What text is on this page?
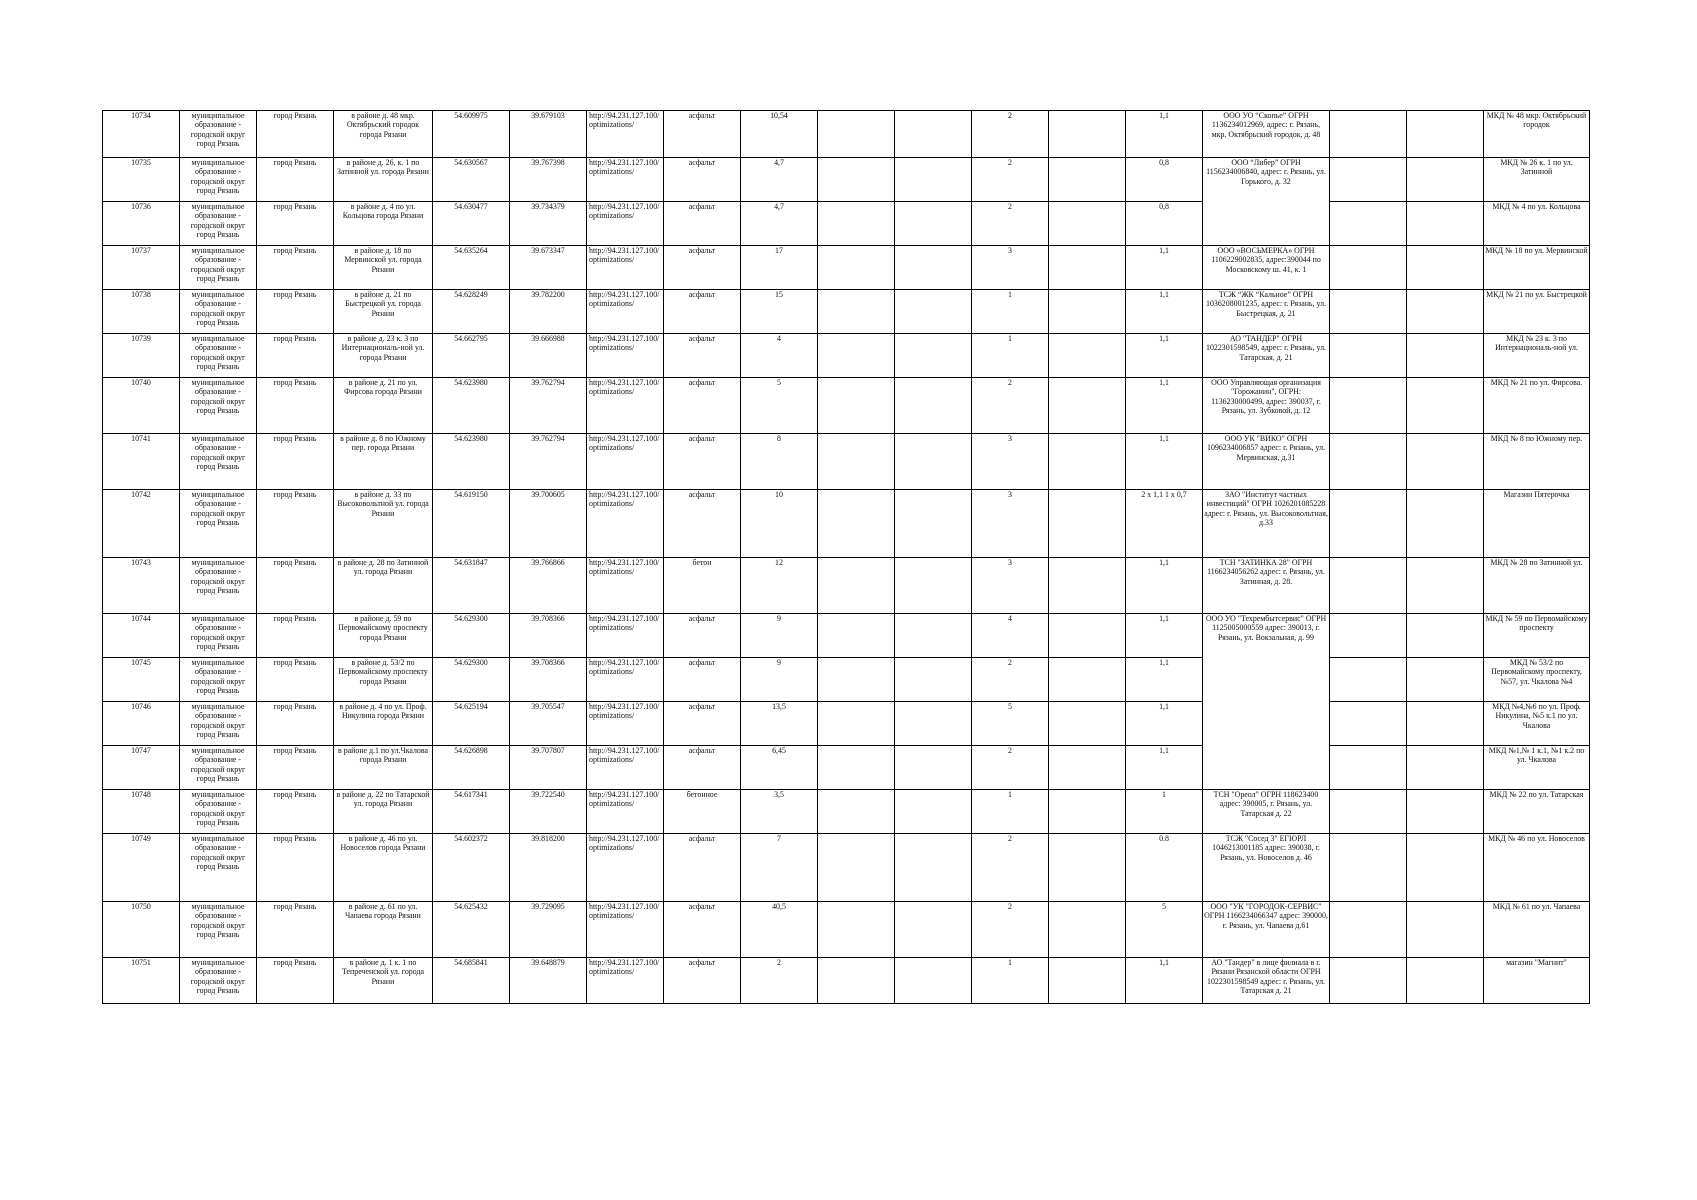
10734	муниципальное образование - городской округ город Рязань	город Рязань	в районе д. 48 мкр. Октябрьский городок города Рязани	54.609975	39.679103	http://94.231.127.100/optimizations/	асфальт	10,54			2		1,1	ООО УО “Скопье” ОГРН 1136234012969, адрес: г. Рязань, мкр. Октябрьский городок, д. 48			МКД № 48 мкр. Октябрьский городок
10735	муниципальное образование - городской округ город Рязань	город Рязань	в районе д. 26, к. 1 по Затинной ул. города Рязани	54.630567	39.767398	http://94.231.127.100/optimizations/	асфальт	4,7			2		0,8	ООО “Либер” ОГРН 1156234006840, адрес: г. Рязань, ул. Горького, д. 32			МКД № 26 к. 1 по ул. Затинной
10736	муниципальное образование - городской округ город Рязань	город Рязань	в районе д. 4 по ул. Кольцова города Рязани	54.630477	39.734379	http://94.231.127.100/optimizations/	асфальт	4,7			2		0,8				МКД № 4 по ул. Кольцова
10737	муниципальное образование - городской округ город Рязань	город Рязань	в районе д. 18 по Мервинской ул. города Рязани	54.635264	39.673347	http://94.231.127.100/optimizations/	асфальт	17			3		1,1	ООО «ВОСЬМЕРКА» ОГРН 1106229002835, адрес:390044 по Московскому ш. 41, к. 1			МКД № 18 по ул. Мервинской
10738	муниципальное образование - городской округ город Рязань	город Рязань	в районе д. 21 по Быстрецкой ул. города Рязани	54.628249	39.782200	http://94.231.127.100/optimizations/	асфальт	15			1		1,1	ТСЖ “ЖК “Кальное” ОГРН 1036208001235, адрес: г. Рязань, ул. Быстрецкая, д. 21			МКД № 21 по ул. Быстрецкой
10739	муниципальное образование - городской округ город Рязань	город Рязань	в районе д. 23 к. 3 по Интернациональ-ной ул. города Рязани	54.662795	39.666988	http://94.231.127.100/optimizations/	асфальт	4			1		1,1	АО "ТАНДЕР" ОГРН 1022301598549, адрес: г. Рязань, ул. Татарская, д. 21			МКД № 23 к. 3 по Интернациональ-ной ул.
10740	муниципальное образование - городской округ город Рязань	город Рязань	в районе д. 21 по ул. Фирсова города Рязани	54.623980	39.762794	http://94.231.127.100/optimizations/	асфальт	5			2		1,1	ООО Управляющая организация "Горожанин", ОГРН: 1136230000499, адрес: 390037, г. Рязань, ул. Зубковой, д. 12			МКД № 21 по ул. Фирсова.
10741	муниципальное образование - городской округ город Рязань	город Рязань	в районе д. 8 по Южному пер. города Рязани	54.623980	39.762794	http://94.231.127.100/optimizations/	асфальт	8			3		1,1	ООО УК "ВИКО" ОГРН 1096234006857 адрес: г. Рязань, ул. Мервинская, д.31			МКД № 8 по Южному пер.
10742	муниципальное образование - городской округ город Рязань	город Рязань	в районе д. 33 по Высоковольтной ул. города Рязани	54.619150	39.700605	http://94.231.127.100/optimizations/	асфальт	10			3		2 х 1,1 1 х 0,7	ЗАО "Институт частных инвестиций" ОГРН 1026201085228 адрес: г. Рязань, ул. Высоковольтная, д.33			Магазин Пятерочка
10743	муниципальное образование - городской округ город Рязань	город Рязань	в районе д. 28 по Затинной ул. города Рязани	54.631847	39.766866	http://94.231.127.100/optimizations/	бетон	12			3		1,1	ТСН "ЗАТИНКА 28" ОГРН 1166234056262 адрес: г. Рязань, ул. Затинная, д. 28.			МКД № 28 по Затинной ул.
10744	муниципальное образование - городской округ город Рязань	город Рязань	в районе д. 59 по Первомайскому проспекту города Рязани	54.629300	39.708366	http://94.231.127.100/optimizations/	асфальт	9			4		1,1	ООО УО "Техрембытсервис" ОГРН 1125005000559 адрес: 390013, г. Рязань, ул. Вокзальная, д. 99			МКД № 59 по Первомайскому проспекту
10745	муниципальное образование - городской округ город Рязань	город Рязань	в районе д. 53/2 по Первомайскому проспекту города Рязани	54.629300	39.708366	http://94.231.127.100/optimizations/	асфальт	9			2		1,1				МКД № 53/2 по Первомайскому проспекту, №57, ул. Чкалова №4
10746	муниципальное образование - городской округ город Рязань	город Рязань	в районе д. 4 по ул. Проф. Никулина города Рязани	54.625194	39.705547	http://94.231.127.100/optimizations/	асфальт	13,5			5		1,1				МКД №4,№6 по ул. Проф. Никулина, №5 к.1 по ул. Чкалова
10747	муниципальное образование - городской округ город Рязань	город Рязань	в районе д.1 по ул.Чкалова города Рязани	54.626898	39.707807	http://94.231.127.100/optimizations/	асфальт	6,45			2		1,1				МКД №1,№ 1 к.1, №1 к.2 по ул. Чкалова
10748	муниципальное образование - городской округ город Рязань	город Рязань	в районе д. 22 по Татарской ул. города Рязани	54.617341	39.722540	http://94.231.127.100/optimizations/	бетонное	3,5			1		1	ТСН "Ореол" ОГРН 118623400 адрес: 390005, г. Рязань, ул. Татарская д. 22			МКД № 22 по ул. Татарская
10749	муниципальное образование - городской округ город Рязань	город Рязань	в районе д. 46 по ул. Новоселов города Рязани	54.602372	39.818200	http://94.231.127.100/optimizations/	асфальт	7			2		0.8	ТСЖ "Сосед 3" ЕГЮРЛ 1046213001185 адрес: 390038, г. Рязань, ул. Новоселов д. 46			МКД № 46 по ул. Новоселов
10750	муниципальное образование - городской округ город Рязань	город Рязань	в районе д. 61 по ул. Чапаева города Рязани	54.625432	39.729095	http://94.231.127.100/optimizations/	асфальт	40,5			2		5	ООО "УК "ГОРОДОК-СЕРВИС" ОГРН 1166234066347 адрес: 390000, г. Рязань, ул. Чапаева д.61			МКД № 61 по ул. Чапаева
10751	муниципальное образование - городской округ город Рязань	город Рязань	в районе д. 1 к. 1 по Тепреченской ул. города Рязани	54.685841	39.648879	http://94.231.127.100/optimizations/	асфальт	2			1		1,1	АО "Тандер" в лице филиала в г. Рязани Рязанской области ОГРН 1022301598549 адрес: г. Рязань, ул. Татарская д. 21			магазин "Магнит"
